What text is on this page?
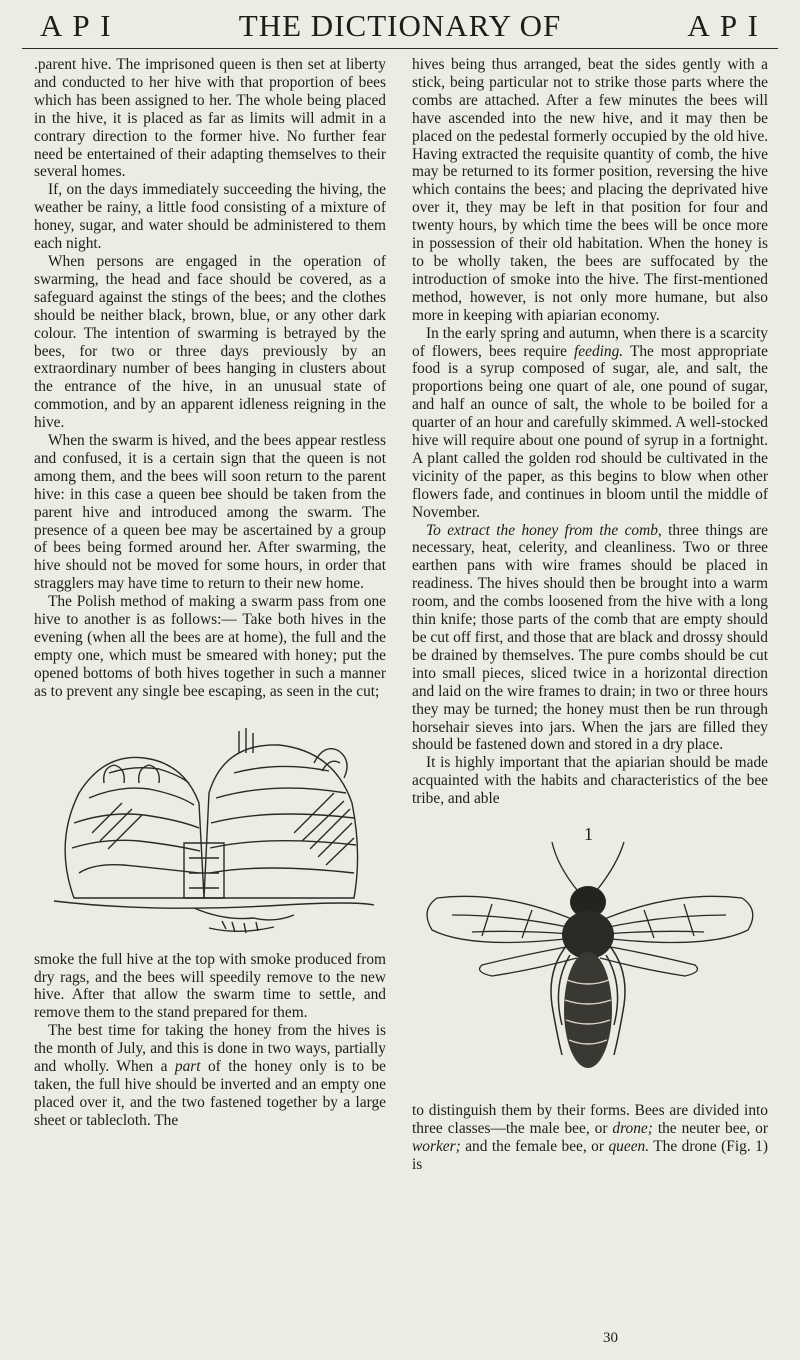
A P I	THE DICTIONARY OF	A P I

.parent hive. The imprisoned queen is then set at liberty and conducted to her hive with that proportion of bees which has been assigned to her. The whole being placed in the hive, it is placed as far as limits will admit in a contrary direction to the former hive. No further fear need be entertained of their adapting themselves to their several homes.

If, on the days immediately succeeding the hiving, the weather be rainy, a little food consisting of a mixture of honey, sugar, and water should be administered to them each night.

When persons are engaged in the operation of swarming, the head and face should be covered, as a safeguard against the stings of the bees; and the clothes should be neither black, brown, blue, or any other dark colour. The intention of swarming is betrayed by the bees, for two or three days previously by an extraordinary number of bees hanging in clusters about the entrance of the hive, in an unusual state of commotion, and by an apparent idleness reigning in the hive.

When the swarm is hived, and the bees appear restless and confused, it is a certain sign that the queen is not among them, and the bees will soon return to the parent hive: in this case a queen bee should be taken from the parent hive and introduced among the swarm. The presence of a queen bee may be ascertained by a group of bees being formed around her. After swarming, the hive should not be moved for some hours, in order that stragglers may have time to return to their new home.

The Polish method of making a swarm pass from one hive to another is as follows:— Take both hives in the evening (when all the bees are at home), the full and the empty one, which must be smeared with honey; put the opened bottoms of both hives together in such a manner as to prevent any single bee escaping, as seen in the cut;

smoke the full hive at the top with smoke produced from dry rags, and the bees will speedily remove to the new hive. After that allow the swarm time to settle, and remove them to the stand prepared for them.

The best time for taking the honey from the hives is the month of July, and this is done in two ways, partially and wholly. When a part of the honey only is to be taken, the full hive should be inverted and an empty one placed over it, and the two fastened together by a large sheet or tablecloth. The

hives being thus arranged, beat the sides gently with a stick, being particular not to strike those parts where the combs are attached. After a few minutes the bees will have ascended into the new hive, and it may then be placed on the pedestal formerly occupied by the old hive. Having extracted the requisite quantity of comb, the hive may be returned to its former position, reversing the hive which contains the bees; and placing the deprivated hive over it, they may be left in that position for four and twenty hours, by which time the bees will be once more in possession of their old habitation. When the honey is to be wholly taken, the bees are suffocated by the introduction of smoke into the hive. The first-mentioned method, however, is not only more humane, but also more in keeping with apiarian economy.

In the early spring and autumn, when there is a scarcity of flowers, bees require feeding. The most appropriate food is a syrup composed of sugar, ale, and salt, the proportions being one quart of ale, one pound of sugar, and half an ounce of salt, the whole to be boiled for a quarter of an hour and carefully skimmed. A well-stocked hive will require about one pound of syrup in a fortnight. A plant called the golden rod should be cultivated in the vicinity of the paper, as this begins to blow when other flowers fade, and continues in bloom until the middle of November.

To extract the honey from the comb, three things are necessary, heat, celerity, and cleanliness. Two or three earthen pans with wire frames should be placed in readiness. The hives should then be brought into a warm room, and the combs loosened from the hive with a long thin knife; those parts of the comb that are empty should be cut off first, and those that are black and drossy should be drained by themselves. The pure combs should be cut into small pieces, sliced twice in a horizontal direction and laid on the wire frames to drain; in two or three hours they may be turned; the honey must then be run through horsehair sieves into jars. When the jars are filled they should be fastened down and stored in a dry place.

It is highly important that the apiarian should be made acquainted with the habits and characteristics of the bee tribe, and able

1

to distinguish them by their forms. Bees are divided into three classes—the male bee, or drone; the neuter bee, or worker; and the female bee, or queen. The drone (Fig. 1) is

30
